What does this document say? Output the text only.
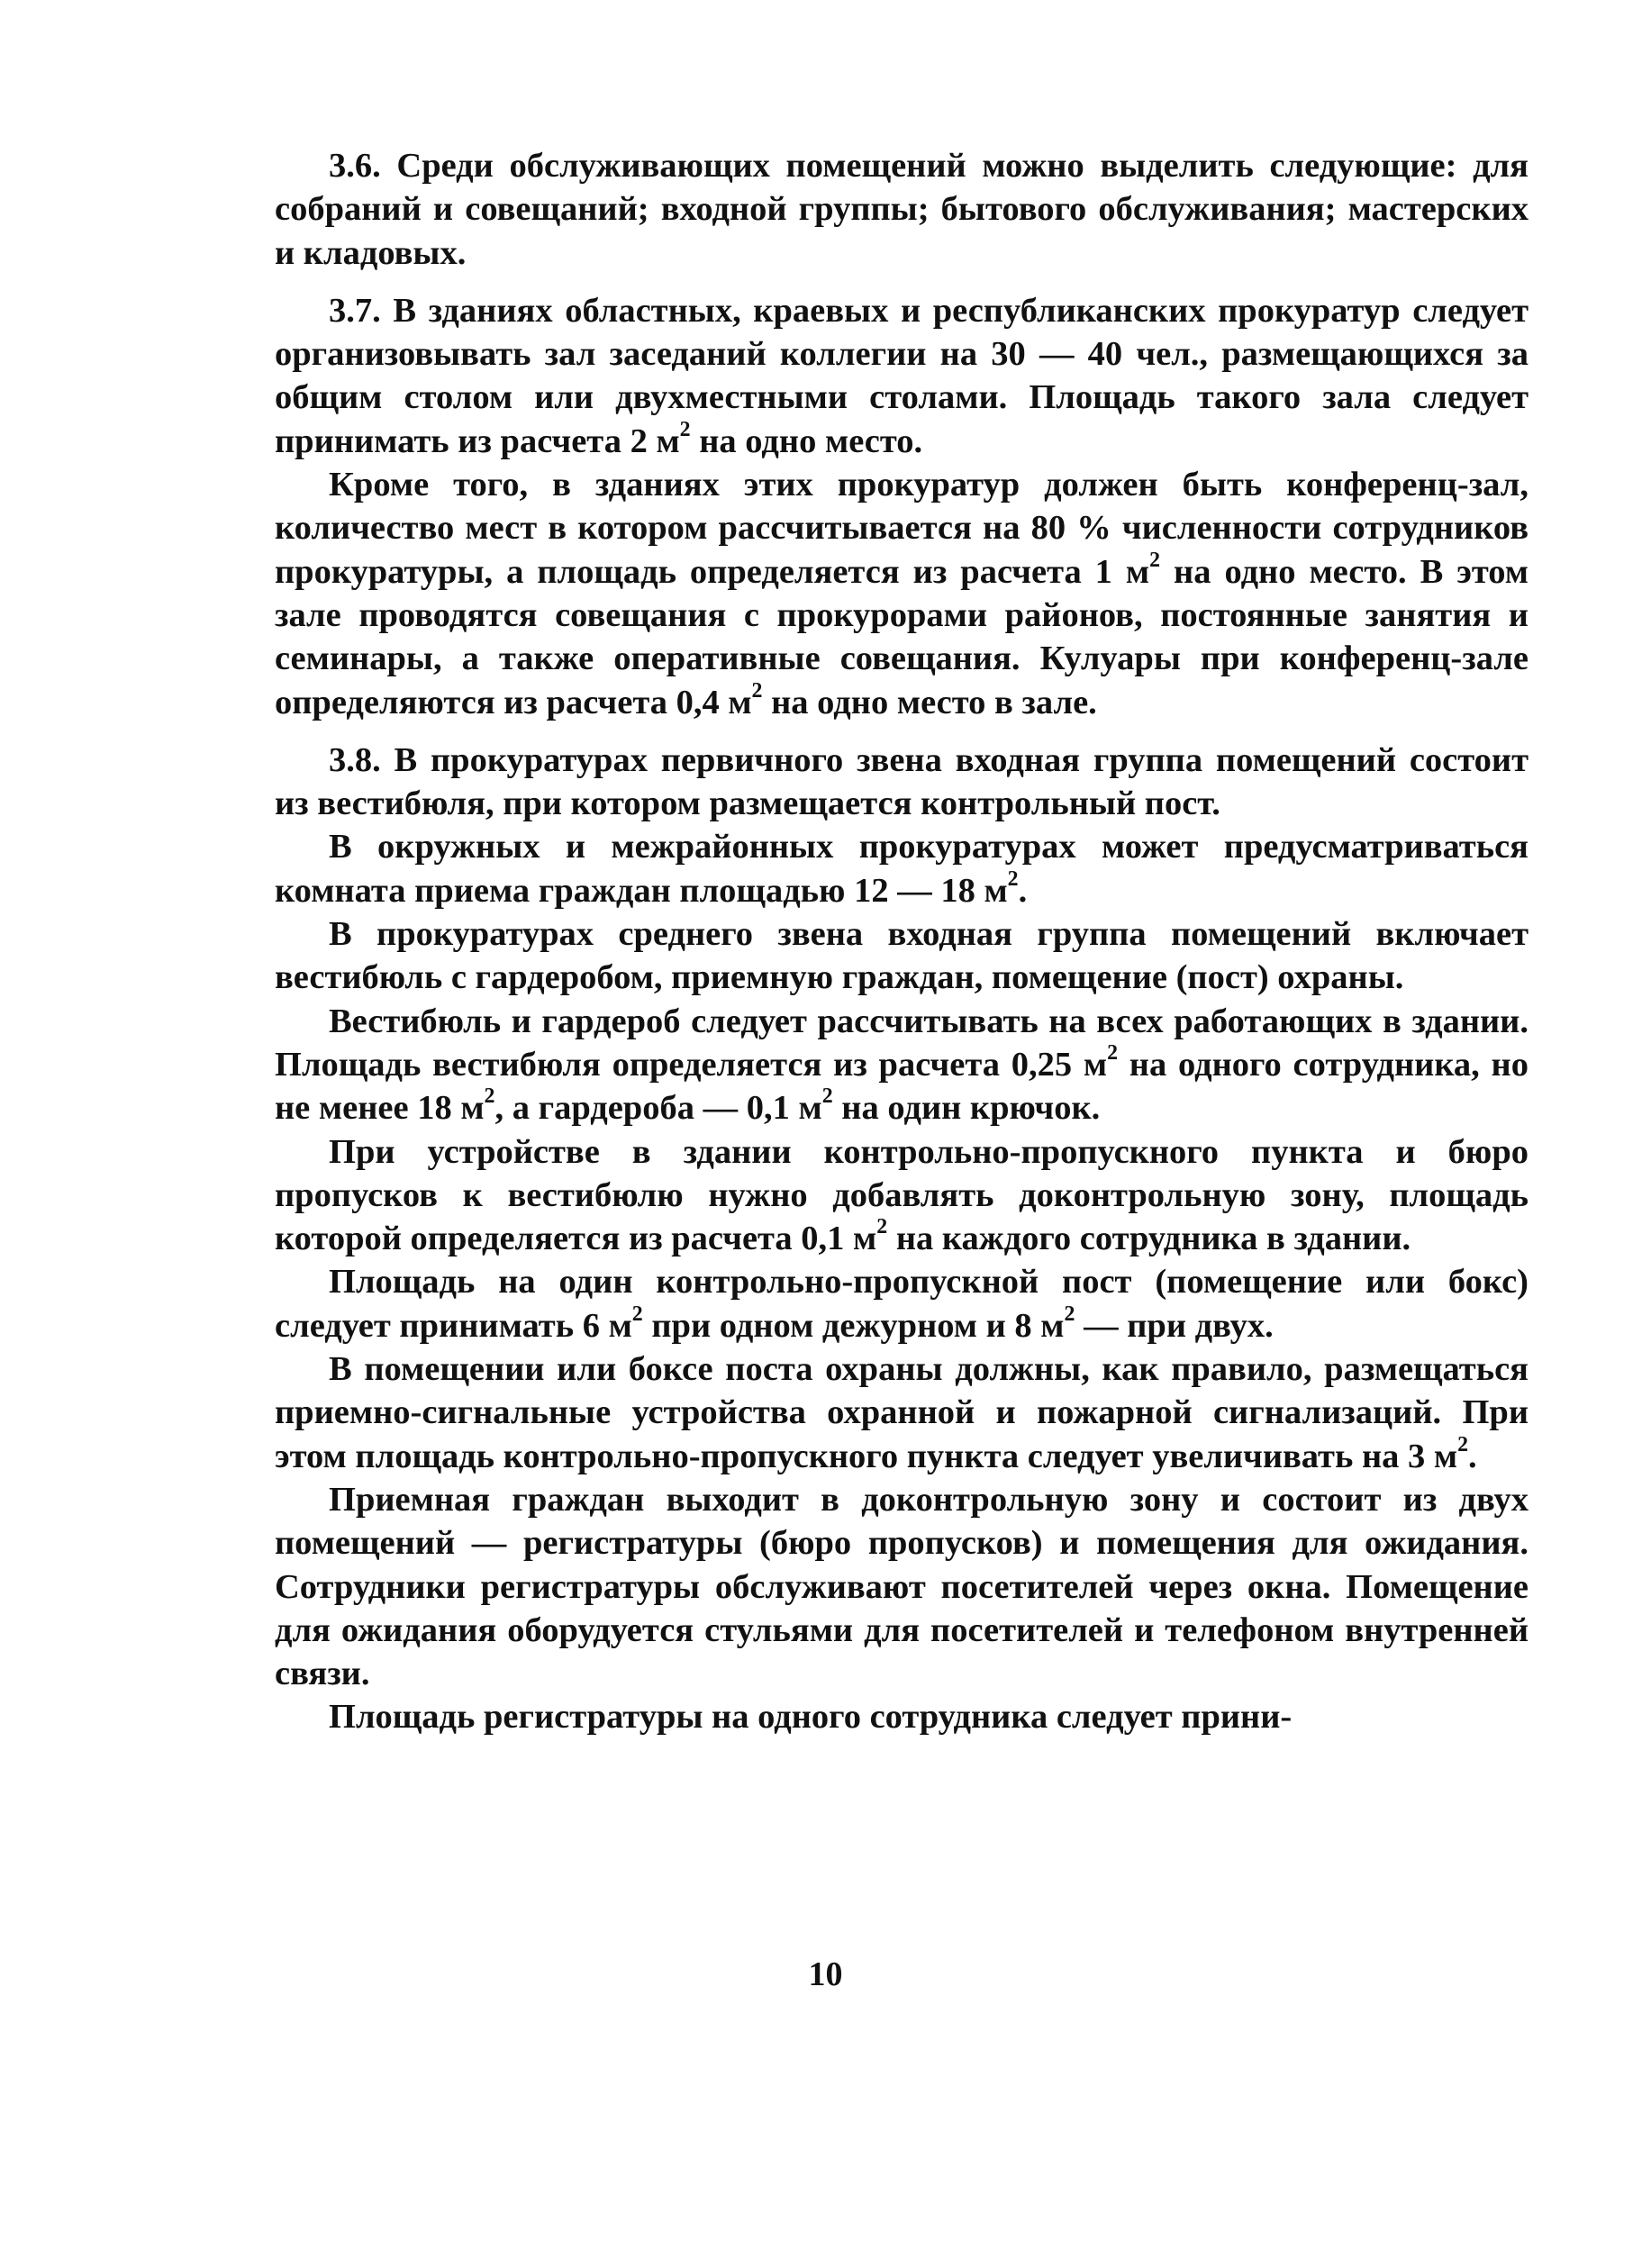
3.6. Среди обслуживающих помещений можно выделить следующие: для собраний и совещаний; входной группы; бытового обслуживания; мастерских и кладовых.

3.7. В зданиях областных, краевых и республиканских прокуратур следует организовывать зал заседаний коллегии на 30 — 40 чел., размещающихся за общим столом или двухместными столами. Площадь такого зала следует принимать из расчета 2 $м^2$ на одно место.

Кроме того, в зданиях этих прокуратур должен быть конференц-зал, количество мест в котором рассчитывается на 80 % численности сотрудников прокуратуры, а площадь определяется из расчета 1 $м^2$ на одно место. В этом зале проводятся совещания с прокурорами районов, постоянные занятия и семинары, а также оперативные совещания. Кулуары при конференц-зале определяются из расчета 0,4 $м^2$ на одно место в зале.

3.8. В прокуратурах первичного звена входная группа помещений состоит из вестибюля, при котором размещается контрольный пост.

В окружных и межрайонных прокуратурах может предусматриваться комната приема граждан площадью 12 — 18 $м^2$.

В прокуратурах среднего звена входная группа помещений включает вестибюль с гардеробом, приемную граждан, помещение (пост) охраны.

Вестибюль и гардероб следует рассчитывать на всех работающих в здании. Площадь вестибюля определяется из расчета 0,25 $м^2$ на одного сотрудника, но не менее 18 $м^2$, а гардероба — 0,1 $м^2$ на один крючок.

При устройстве в здании контрольно-пропускного пункта и бюро пропусков к вестибюлю нужно добавлять доконтрольную зону, площадь которой определяется из расчета 0,1 $м^2$ на каждого сотрудника в здании.

Площадь на один контрольно-пропускной пост (помещение или бокс) следует принимать 6 $м^2$ при одном дежурном и 8 $м^2$ — при двух.

В помещении или боксе поста охраны должны, как правило, размещаться приемно-сигнальные устройства охранной и пожарной сигнализаций. При этом площадь контрольно-пропускного пункта следует увеличивать на 3 $м^2$.

Приемная граждан выходит в доконтрольную зону и состоит из двух помещений — регистратуры (бюро пропусков) и помещения для ожидания. Сотрудники регистратуры обслуживают посетителей через окна. Помещение для ожидания оборудуется стульями для посетителей и телефоном внутренней связи.

Площадь регистратуры на одного сотрудника следует прини-

10
